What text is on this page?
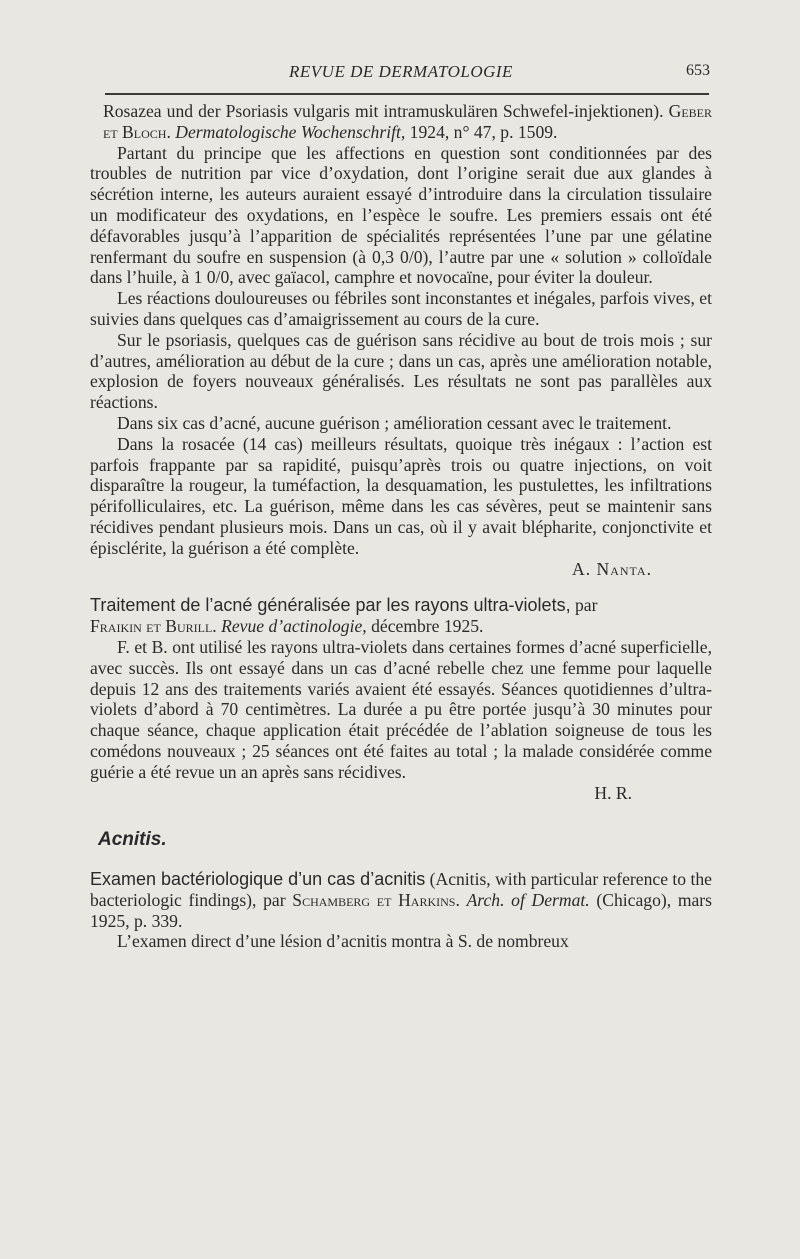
REVUE DE DERMATOLOGIE	653

Rosazea und der Psoriasis vulgaris mit intramuskulären Schwefel-injektionen). Geber et Bloch. Dermatologische Wochenschrift, 1924, n° 47, p. 1509.

Partant du principe que les affections en question sont conditionnées par des troubles de nutrition par vice d’oxydation, dont l’origine serait due aux glandes à sécrétion interne, les auteurs auraient essayé d’introduire dans la circulation tissulaire un modificateur des oxydations, en l’espèce le soufre. Les premiers essais ont été défavorables jusqu’à l’apparition de spécialités représentées l’une par une gélatine renfermant du soufre en suspension (à 0,3 0/0), l’autre par une « solution » colloïdale dans l’huile, à 1 0/0, avec gaïacol, camphre et novocaïne, pour éviter la douleur.

Les réactions douloureuses ou fébriles sont inconstantes et inégales, parfois vives, et suivies dans quelques cas d’amaigrissement au cours de la cure.

Sur le psoriasis, quelques cas de guérison sans récidive au bout de trois mois ; sur d’autres, amélioration au début de la cure ; dans un cas, après une amélioration notable, explosion de foyers nouveaux généralisés. Les résultats ne sont pas parallèles aux réactions.

Dans six cas d’acné, aucune guérison ; amélioration cessant avec le traitement.

Dans la rosacée (14 cas) meilleurs résultats, quoique très inégaux : l’action est parfois frappante par sa rapidité, puisqu’après trois ou quatre injections, on voit disparaître la rougeur, la tuméfaction, la desquamation, les pustulettes, les infiltrations périfolliculaires, etc. La guérison, même dans les cas sévères, peut se maintenir sans récidives pendant plusieurs mois. Dans un cas, où il y avait blépharite, conjonctivite et épisclérite, la guérison a été complète.

A. Nanta.

Traitement de l’acné généralisée par les rayons ultra-violets, par
Fraikin et Burill. Revue d’actinologie, décembre 1925.

F. et B. ont utilisé les rayons ultra-violets dans certaines formes d’acné superficielle, avec succès. Ils ont essayé dans un cas d’acné rebelle chez une femme pour laquelle depuis 12 ans des traitements variés avaient été essayés. Séances quotidiennes d’ultra-violets d’abord à 70 centimètres. La durée a pu être portée jusqu’à 30 minutes pour chaque séance, chaque application était précédée de l’ablation soigneuse de tous les comédons nouveaux ; 25 séances ont été faites au total ; la malade considérée comme guérie a été revue un an après sans récidives.

H. R.

Acnitis.

Examen bactériologique d’un cas d’acnitis (Acnitis, with particular reference to the bacteriologic findings), par Schamberg et Harkins. Arch. of Dermat. (Chicago), mars 1925, p. 339.

L’examen direct d’une lésion d’acnitis montra à S. de nombreux
